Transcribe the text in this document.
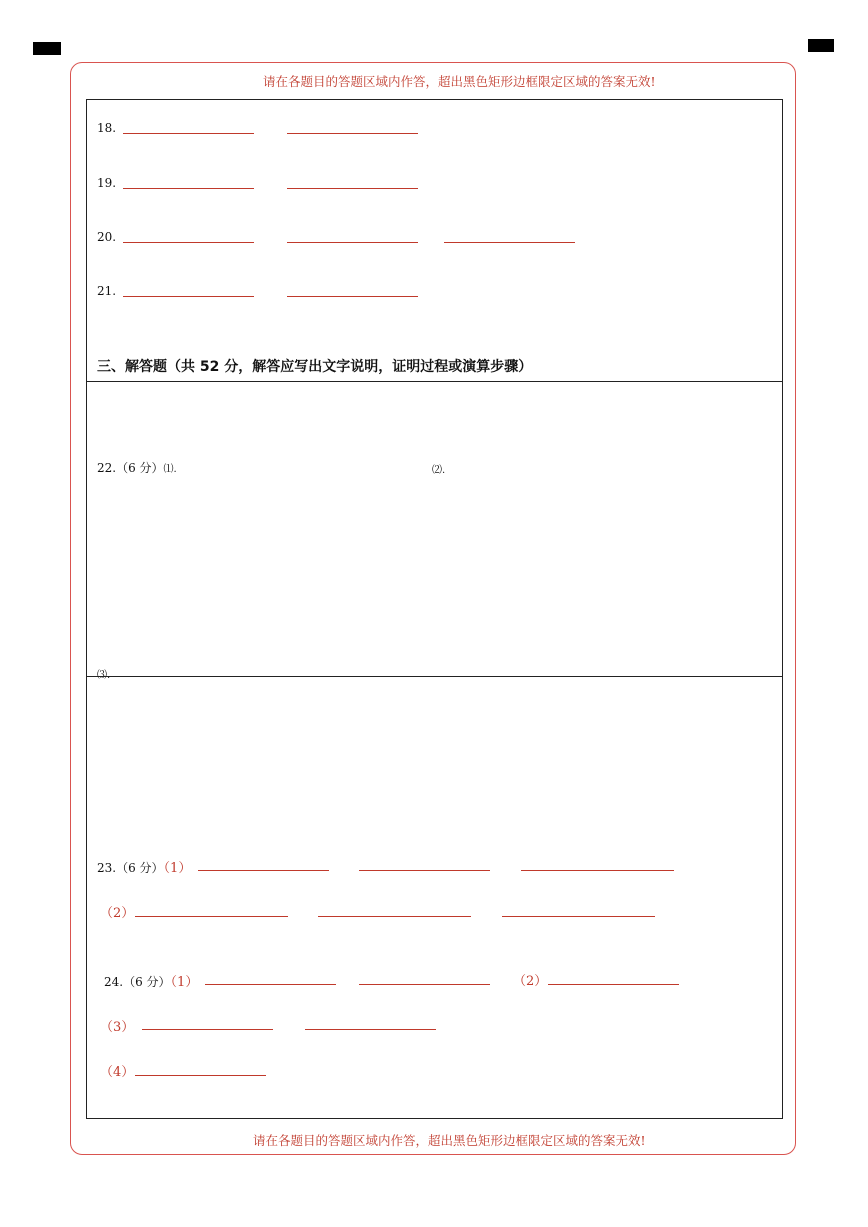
请在各题目的答题区域内作答，超出黑色矩形边框限定区域的答案无效!
18.
19.
20.
21.
三、解答题（共 52 分，解答应写出文字说明，证明过程或演算步骤）
22.（6 分）⑴.	⑵.
⑶.
23.（6 分）（1）
（2）
24.（6 分）（1）	（2）
（3）
（4）
请在各题目的答题区域内作答，超出黑色矩形边框限定区域的答案无效!
